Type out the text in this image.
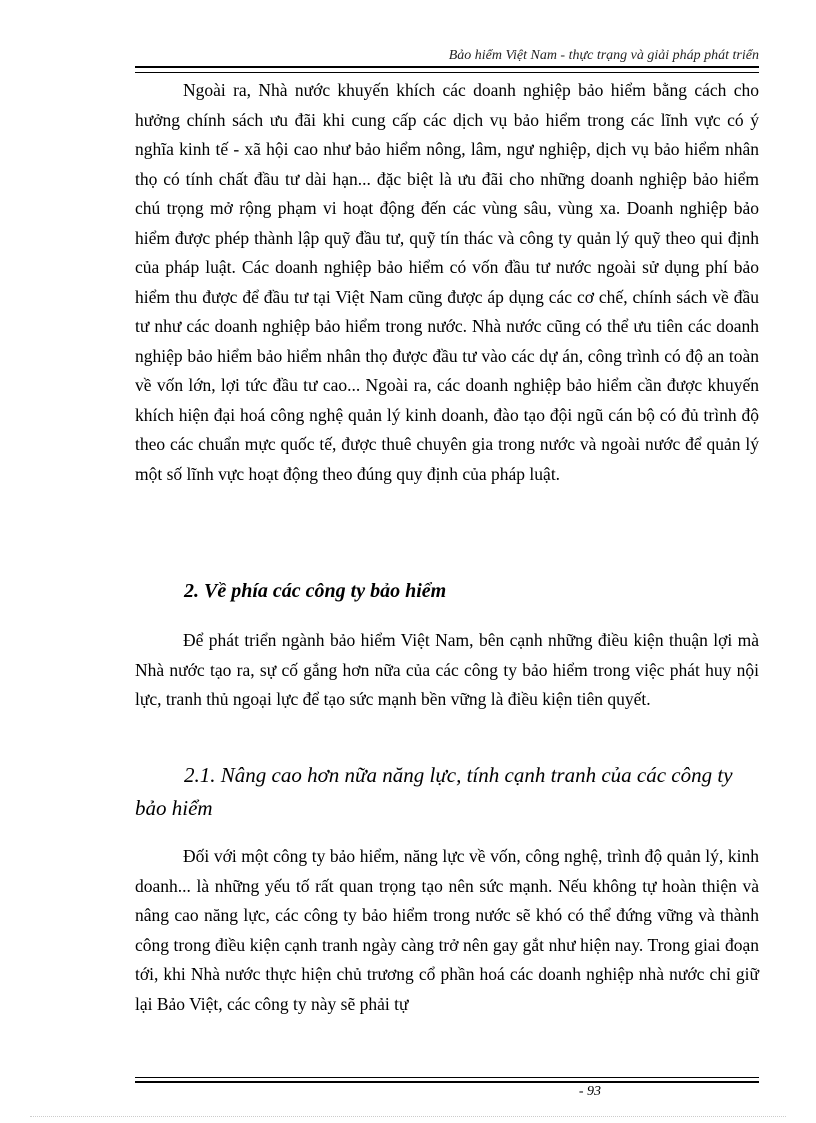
Bảo hiểm Việt Nam - thực trạng và giải pháp phát triển
Ngoài ra, Nhà nước khuyến khích các doanh nghiệp bảo hiểm bằng cách cho hưởng chính sách ưu đãi khi cung cấp các dịch vụ bảo hiểm trong các lĩnh vực có ý nghĩa kinh tế - xã hội cao như bảo hiểm nông, lâm, ngư nghiệp, dịch vụ bảo hiểm nhân thọ có tính chất đầu tư dài hạn... đặc biệt là ưu đãi cho những doanh nghiệp bảo hiểm chú trọng mở rộng phạm vi hoạt động đến các vùng sâu, vùng xa. Doanh nghiệp bảo hiểm được phép thành lập quỹ đầu tư, quỹ tín thác và công ty quản lý quỹ theo qui định của pháp luật. Các doanh nghiệp bảo hiểm có vốn đầu tư nước ngoài sử dụng phí bảo hiểm thu được để đầu tư tại Việt Nam cũng được áp dụng các cơ chế, chính sách về đầu tư như các doanh nghiệp bảo hiểm trong nước. Nhà nước cũng có thể ưu tiên các doanh nghiệp bảo hiểm bảo hiểm nhân thọ được đầu tư vào các dự án, công trình có độ an toàn về vốn lớn, lợi tức đầu tư cao... Ngoài ra, các doanh nghiệp bảo hiểm cần được khuyến khích hiện đại hoá công nghệ quản lý kinh doanh, đào tạo đội ngũ cán bộ có đủ trình độ theo các chuẩn mực quốc tế, được thuê chuyên gia trong nước và ngoài nước để quản lý một số lĩnh vực hoạt động theo đúng quy định của pháp luật.
2. Về phía các công ty bảo hiểm
Để phát triển ngành bảo hiểm Việt Nam, bên cạnh những điều kiện thuận lợi mà Nhà nước tạo ra, sự cố gắng hơn nữa của các công ty bảo hiểm trong việc phát huy nội lực, tranh thủ ngoại lực để tạo sức mạnh bền vững là điều kiện tiên quyết.
2.1. Nâng cao hơn nữa năng lực, tính cạnh tranh của các công ty bảo hiểm
Đối với một công ty bảo hiểm, năng lực về vốn, công nghệ, trình độ quản lý, kinh doanh... là những yếu tố rất quan trọng tạo nên sức mạnh. Nếu không tự hoàn thiện và nâng cao năng lực, các công ty bảo hiểm trong nước sẽ khó có thể đứng vững và thành công trong điều kiện cạnh tranh ngày càng trở nên gay gắt như hiện nay. Trong giai đoạn tới, khi Nhà nước thực hiện chủ trương cổ phần hoá các doanh nghiệp nhà nước chỉ giữ lại Bảo Việt, các công ty này sẽ phải tự
- 93
